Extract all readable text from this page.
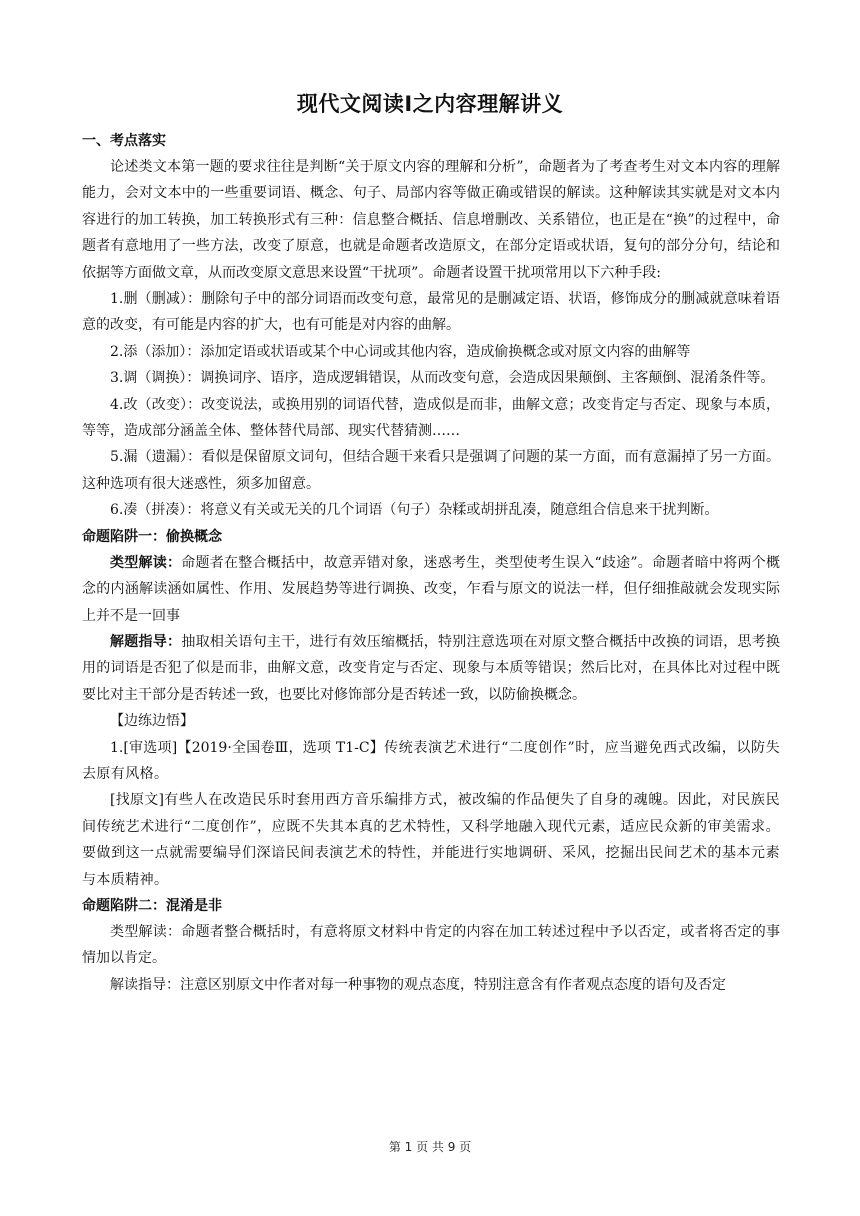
现代文阅读Ⅰ之内容理解讲义
一、考点落实

论述类文本第一题的要求往往是判断“关于原文内容的理解和分析”，命题者为了考查考生对文本内容的理解能力，会对文本中的一些重要词语、概念、句子、局部内容等做正确或错误的解读。这种解读其实就是对文本内容进行的加工转换，加工转换形式有三种：信息整合概括、信息增删改、关系错位，也正是在“换”的过程中，命题者有意地用了一些方法，改变了原意，也就是命题者改造原文，在部分定语或状语，复句的部分分句，结论和依据等方面做文章，从而改变原文意思来设置“干扰项”。命题者设置干扰项常用以下六种手段:

1.删（删减）：删除句子中的部分词语而改变句意，最常见的是删减定语、状语，修饰成分的删减就意味着语意的改变，有可能是内容的扩大，也有可能是对内容的曲解。

2.添（添加）：添加定语或状语或某个中心词或其他内容，造成偷换概念或对原文内容的曲解等

3.调（调换）：调换词序、语序，造成逻辑错误，从而改变句意，会造成因果颠倒、主客颠倒、混淆条件等。

4.改（改变）：改变说法，或换用别的词语代替，造成似是而非，曲解文意；改变肯定与否定、现象与本质，等等，造成部分涵盖全体、整体替代局部、现实代替猜测……

5.漏（遗漏）：看似是保留原文词句，但结合题干来看只是强调了问题的某一方面，而有意漏掉了另一方面。这种选项有很大迷惑性，须多加留意。

6.凑（拼凑）：将意义有关或无关的几个词语（句子）杂糅或胡拼乱凑，随意组合信息来干扰判断。

命题陷阱一：偷换概念

类型解读：命题者在整合概括中，故意弄错对象，迷惑考生，类型使考生误入“歧途”。命题者暗中将两个概念的内涵解读涵如属性、作用、发展趋势等进行调换、改变，乍看与原文的说法一样，但仔细推敲就会发现实际上并不是一回事

解题指导：抽取相关语句主干，进行有效压缩概括，特别注意选项在对原文整合概括中改换的词语，思考换用的词语是否犯了似是而非，曲解文意，改变肯定与否定、现象与本质等错误；然后比对，在具体比对过程中既要比对主干部分是否转述一致，也要比对修饰部分是否转述一致，以防偷换概念。

【边练边悟】

1.[审选项]【2019·全国卷Ⅲ，选项 T1-C】传统表演艺术进行“二度创作”时，应当避免西式改编，以防失去原有风格。

[找原文]有些人在改造民乐时套用西方音乐编排方式，被改编的作品便失了自身的魂魄。因此，对民族民间传统艺术进行“二度创作”，应既不失其本真的艺术特性，又科学地融入现代元素，适应民众新的审美需求。要做到这一点就需要编导们深谙民间表演艺术的特性，并能进行实地调研、采风，挖掘出民间艺术的基本元素与本质精神。

命题陷阱二：混淆是非

类型解读：命题者整合概括时，有意将原文材料中肯定的内容在加工转述过程中予以否定，或者将否定的事情加以肯定。

解读指导：注意区别原文中作者对每一种事物的观点态度，特别注意含有作者观点态度的语句及否定

第 1 页 共 9 页
